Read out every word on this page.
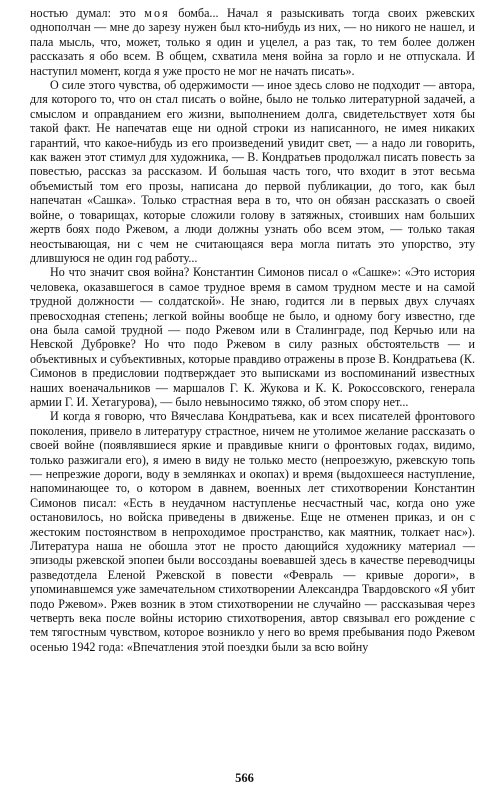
ностью думал: это моя бомба... Начал я разыскивать тогда своих ржевских однополчан — мне до зарезу нужен был кто-нибудь из них, — но никого не нашел, и пала мысль, что, может, только я один и уцелел, а раз так, то тем более должен рассказать я обо всем. В общем, схватила меня война за горло и не отпускала. И наступил момент, когда я уже просто не мог не начать писать».

О силе этого чувства, об одержимости — иное здесь слово не подходит — автора, для которого то, что он стал писать о войне, было не только литературной задачей, а смыслом и оправданием его жизни, выполнением долга, свидетельствует хотя бы такой факт. Не напечатав еще ни одной строки из написанного, не имея никаких гарантий, что какое-нибудь из его произведений увидит свет, — а надо ли говорить, как важен этот стимул для художника, — В. Кондратьев продолжал писать повесть за повестью, рассказ за рассказом. И большая часть того, что входит в этот весьма объемистый том его прозы, написана до первой публикации, до того, как был напечатан «Сашка». Только страстная вера в то, что он обязан рассказать о своей войне, о товарищах, которые сложили голову в затяжных, стоивших нам больших жертв боях подо Ржевом, а люди должны узнать обо всем этом, — только такая неостывающая, ни с чем не считающаяся вера могла питать это упорство, эту длившуюся не один год работу...

Но что значит своя война? Константин Симонов писал о «Сашке»: «Это история человека, оказавшегося в самое трудное время в самом трудном месте и на самой трудной должности — солдатской». Не знаю, годится ли в первых двух случаях превосходная степень; легкой войны вообще не было, и одному богу известно, где она была самой трудной — подо Ржевом или в Сталинграде, под Керчью или на Невской Дубровке? Но что подо Ржевом в силу разных обстоятельств — и объективных и субъективных, которые правдиво отражены в прозе В. Кондратьева (К. Симонов в предисловии подтверждает это выписками из воспоминаний известных наших военачальников — маршалов Г. К. Жукова и К. К. Рокоссовского, генерала армии Г. И. Хетагурова), — было невыносимо тяжко, об этом спору нет...

И когда я говорю, что Вячеслава Кондратьева, как и всех писателей фронтового поколения, привело в литературу страстное, ничем не утолимое желание рассказать о своей войне (появлявшиеся яркие и правдивые книги о фронтовых годах, видимо, только разжигали его), я имею в виду не только место (непроезжую, ржевскую топь — непрезжие дороги, воду в землянках и окопах) и время (выдохшееся наступление, напоминающее то, о котором в давнем, военных лет стихотворении Константин Симонов писал: «Есть в неудачном наступленье несчастный час, когда оно уже остановилось, но войска приведены в движенье. Еще не отменен приказ, и он с жестоким постоянством в непроходимое пространство, как маятник, толкает нас»). Литература наша не обошла этот не просто дающийся художнику материал — эпизоды ржевской эпопеи были воссозданы воевавшей здесь в качестве переводчицы разведотдела Еленой Ржевской в повести «Февраль — кривые дороги», в упоминавшемся уже замечательном стихотворении Александра Твардовского «Я убит подо Ржевом». Ржев возник в этом стихотворении не случайно — рассказывая через четверть века после войны историю стихотворения, автор связывал его рождение с тем тягостным чувством, которое возникло у него во время пребывания подо Ржевом осенью 1942 года: «Впечатления этой поездки были за всю войну

566
